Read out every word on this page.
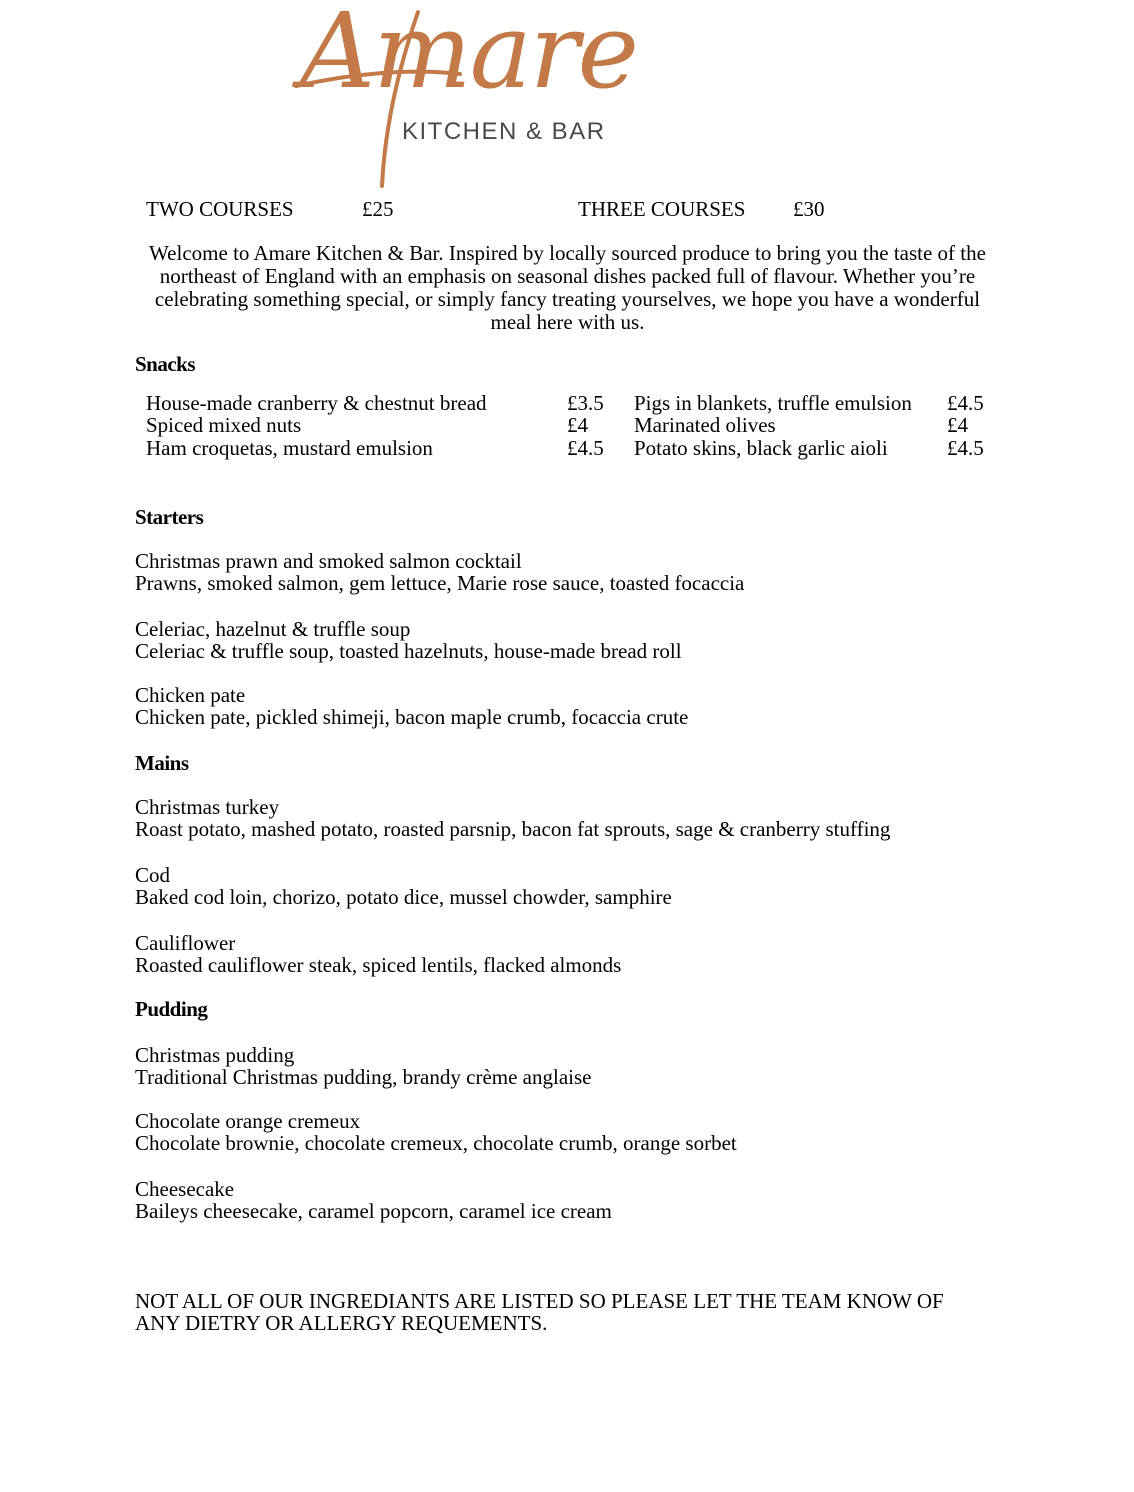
Amare
KITCHEN & BAR
TWO COURSES	£25	THREE COURSES £30
Welcome to Amare Kitchen & Bar. Inspired by locally sourced produce to bring you the taste of the northeast of England with an emphasis on seasonal dishes packed full of flavour. Whether you’re celebrating something special, or simply fancy treating yourselves, we hope you have a wonderful meal here with us.
Snacks
House-made cranberry & chestnut bread	£3.5
Spiced mixed nuts	£4
Ham croquetas, mustard emulsion	£4.5
Pigs in blankets, truffle emulsion £4.5
Marinated olives	£4
Potato skins, black garlic aioli	£4.5
Starters
Christmas prawn and smoked salmon cocktail
Prawns, smoked salmon, gem lettuce, Marie rose sauce, toasted focaccia
Celeriac, hazelnut & truffle soup
Celeriac & truffle soup, toasted hazelnuts, house-made bread roll
Chicken pate
Chicken pate, pickled shimeji, bacon maple crumb, focaccia crute
Mains
Christmas turkey
Roast potato, mashed potato, roasted parsnip, bacon fat sprouts, sage & cranberry stuffing
Cod
Baked cod loin, chorizo, potato dice, mussel chowder, samphire
Cauliflower
Roasted cauliflower steak, spiced lentils, flacked almonds
Pudding
Christmas pudding
Traditional Christmas pudding, brandy crème anglaise
Chocolate orange cremeux
Chocolate brownie, chocolate cremeux, chocolate crumb, orange sorbet
Cheesecake
Baileys cheesecake, caramel popcorn, caramel ice cream
NOT ALL OF OUR INGREDIANTS ARE LISTED SO PLEASE LET THE TEAM KNOW OF ANY DIETRY OR ALLERGY REQUEMENTS.
